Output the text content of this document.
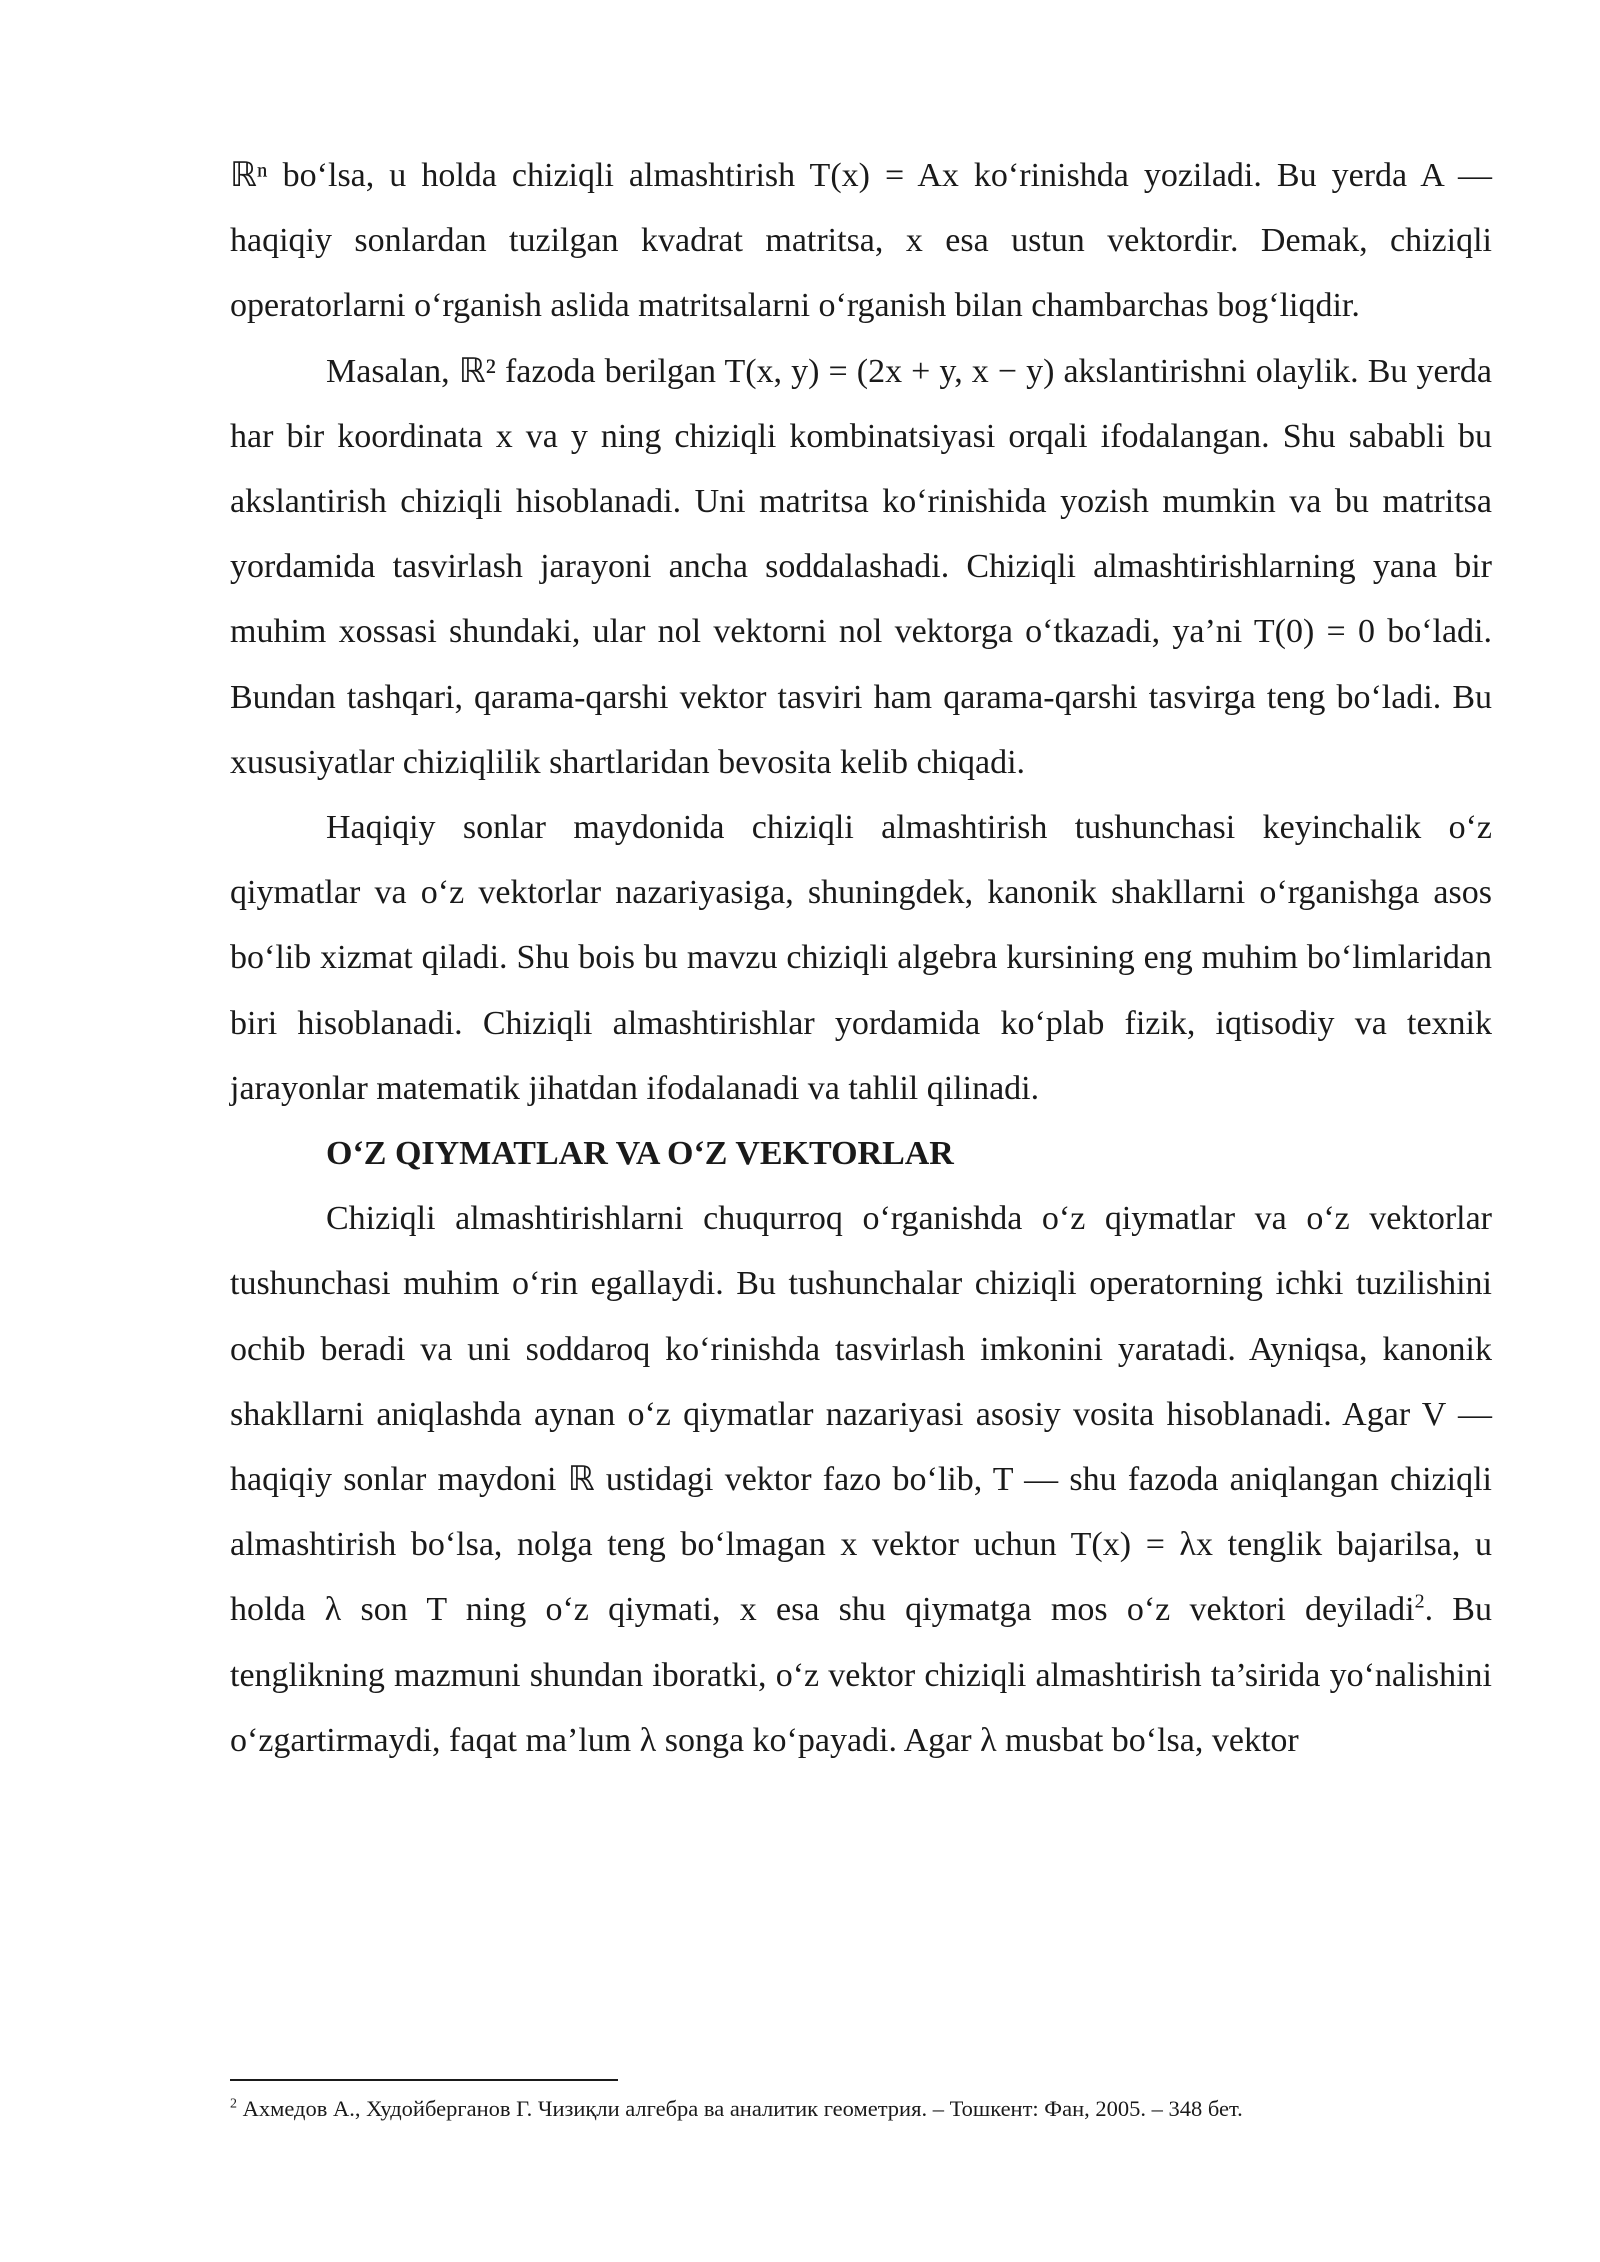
ℝⁿ bo‘lsa, u holda chiziqli almashtirish T(x) = Ax ko‘rinishda yoziladi. Bu yerda A — haqiqiy sonlardan tuzilgan kvadrat matritsa, x esa ustun vektordir. Demak, chiziqli operatorlarni o‘rganish aslida matritsalarni o‘rganish bilan chambarchas bog‘liqdir.

Masalan, ℝ² fazoda berilgan T(x, y) = (2x + y, x − y) akslantirishni olaylik. Bu yerda har bir koordinata x va y ning chiziqli kombinatsiyasi orqali ifodalangan. Shu sababli bu akslantirish chiziqli hisoblanadi. Uni matritsa ko‘rinishida yozish mumkin va bu matritsa yordamida tasvirlash jarayoni ancha soddalashadi. Chiziqli almashtirishlarning yana bir muhim xossasi shundaki, ular nol vektorni nol vektorga o‘tkazadi, ya’ni T(0) = 0 bo‘ladi. Bundan tashqari, qarama-qarshi vektor tasviri ham qarama-qarshi tasvirga teng bo‘ladi. Bu xususiyatlar chiziqlilik shartlaridan bevosita kelib chiqadi.

Haqiqiy sonlar maydonida chiziqli almashtirish tushunchasi keyinchalik o‘z qiymatlar va o‘z vektorlar nazariyasiga, shuningdek, kanonik shakllarni o‘rganishga asos bo‘lib xizmat qiladi. Shu bois bu mavzu chiziqli algebra kursining eng muhim bo‘limlaridan biri hisoblanadi. Chiziqli almashtirishlar yordamida ko‘plab fizik, iqtisodiy va texnik jarayonlar matematik jihatdan ifodalanadi va tahlil qilinadi.

O‘Z QIYMATLAR VA O‘Z VEKTORLAR

Chiziqli almashtirishlarni chuqurroq o‘rganishda o‘z qiymatlar va o‘z vektorlar tushunchasi muhim o‘rin egallaydi. Bu tushunchalar chiziqli operatorning ichki tuzilishini ochib beradi va uni soddaroq ko‘rinishda tasvirlash imkonini yaratadi. Ayniqsa, kanonik shakllarni aniqlashda aynan o‘z qiymatlar nazariyasi asosiy vosita hisoblanadi. Agar V — haqiqiy sonlar maydoni ℝ ustidagi vektor fazo bo‘lib, T — shu fazoda aniqlangan chiziqli almashtirish bo‘lsa, nolga teng bo‘lmagan x vektor uchun T(x) = λx tenglik bajarilsa, u holda λ son T ning o‘z qiymati, x esa shu qiymatga mos o‘z vektori deyiladi$^2$. Bu tenglikning mazmuni shundan iboratki, o‘z vektor chiziqli almashtirish ta’sirida yo‘nalishini o‘zgartirmaydi, faqat ma’lum λ songa ko‘payadi. Agar λ musbat bo‘lsa, vektor

$^2$ Ахмедов А., Худойберганов Г. Чизиқли алгебра ва аналитик геометрия. – Тошкент: Фан, 2005. – 348 бет.
